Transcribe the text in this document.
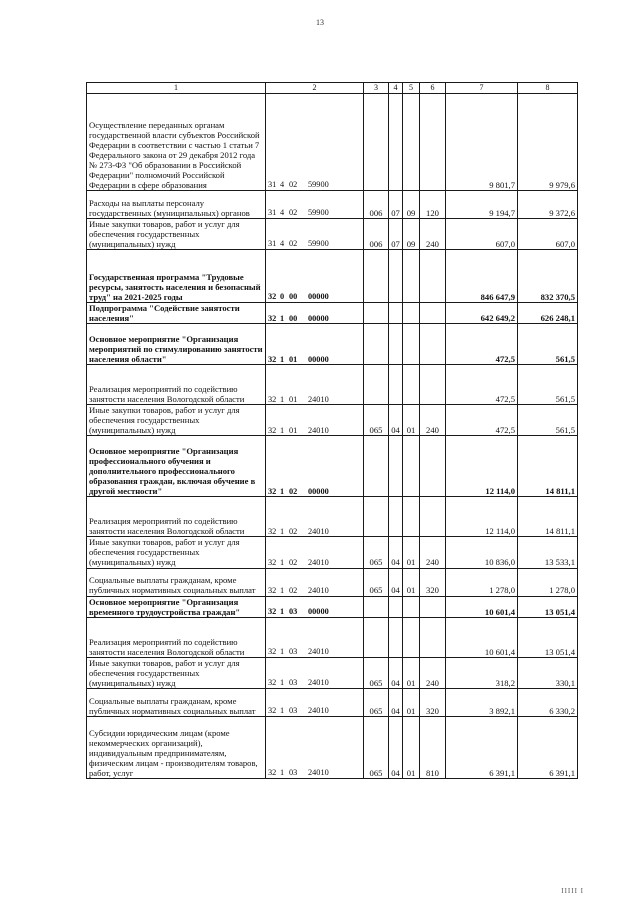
13
1	2	3	4	5	6	7	8
Осуществление переданных органам государственной власти субъектов Российской Федерации в соответствии с частью 1 статьи 7 Федерального закона от 29 декабря 2012 года № 273-ФЗ "Об образовании в Российской Федерации" полномочий Российской Федерации в сфере образования	31 4 02 59900					9 801,7	9 979,6
Расходы на выплаты персоналу государственных (муниципальных) органов	31 4 02 59900	006	07	09	120	9 194,7	9 372,6
Иные закупки товаров, работ и услуг для обеспечения государственных (муниципальных) нужд	31 4 02 59900	006	07	09	240	607,0	607,0
Государственная программа "Трудовые ресурсы, занятость населения и безопасный труд" на 2021-2025 годы	32 0 00 00000					846 647,9	832 370,5
Подпрограмма "Содействие занятости населения"	32 1 00 00000					642 649,2	626 248,1
Основное мероприятие "Организация мероприятий по стимулированию занятости населения области"	32 1 01 00000					472,5	561,5
Реализация мероприятий по содействию занятости населения Вологодской области	32 1 01 24010					472,5	561,5
Иные закупки товаров, работ и услуг для обеспечения государственных (муниципальных) нужд	32 1 01 24010	065	04	01	240	472,5	561,5
Основное мероприятие "Организация профессионального обучения и дополнительного профессионального образования граждан, включая обучение в другой местности"	32 1 02 00000					12 114,0	14 811,1
Реализация мероприятий по содействию занятости населения Вологодской области	32 1 02 24010					12 114,0	14 811,1
Иные закупки товаров, работ и услуг для обеспечения государственных (муниципальных) нужд	32 1 02 24010	065	04	01	240	10 836,0	13 533,1
Социальные выплаты гражданам, кроме публичных нормативных социальных выплат	32 1 02 24010	065	04	01	320	1 278,0	1 278,0
Основное мероприятие "Организация временного трудоустройства граждан"	32 1 03 00000					10 601,4	13 051,4
Реализация мероприятий по содействию занятости населения Вологодской области	32 1 03 24010					10 601,4	13 051,4
Иные закупки товаров, работ и услуг для обеспечения государственных (муниципальных) нужд	32 1 03 24010	065	04	01	240	318,2	330,1
Социальные выплаты гражданам, кроме публичных нормативных социальных выплат	32 1 03 24010	065	04	01	320	3 892,1	6 330,2
Субсидии юридическим лицам (кроме некоммерческих организаций), индивидуальным предпринимателям, физическим лицам - производителям товаров, работ, услуг	32 1 03 24010	065	04	01	810	6 391,1	6 391,1
IIIII I
